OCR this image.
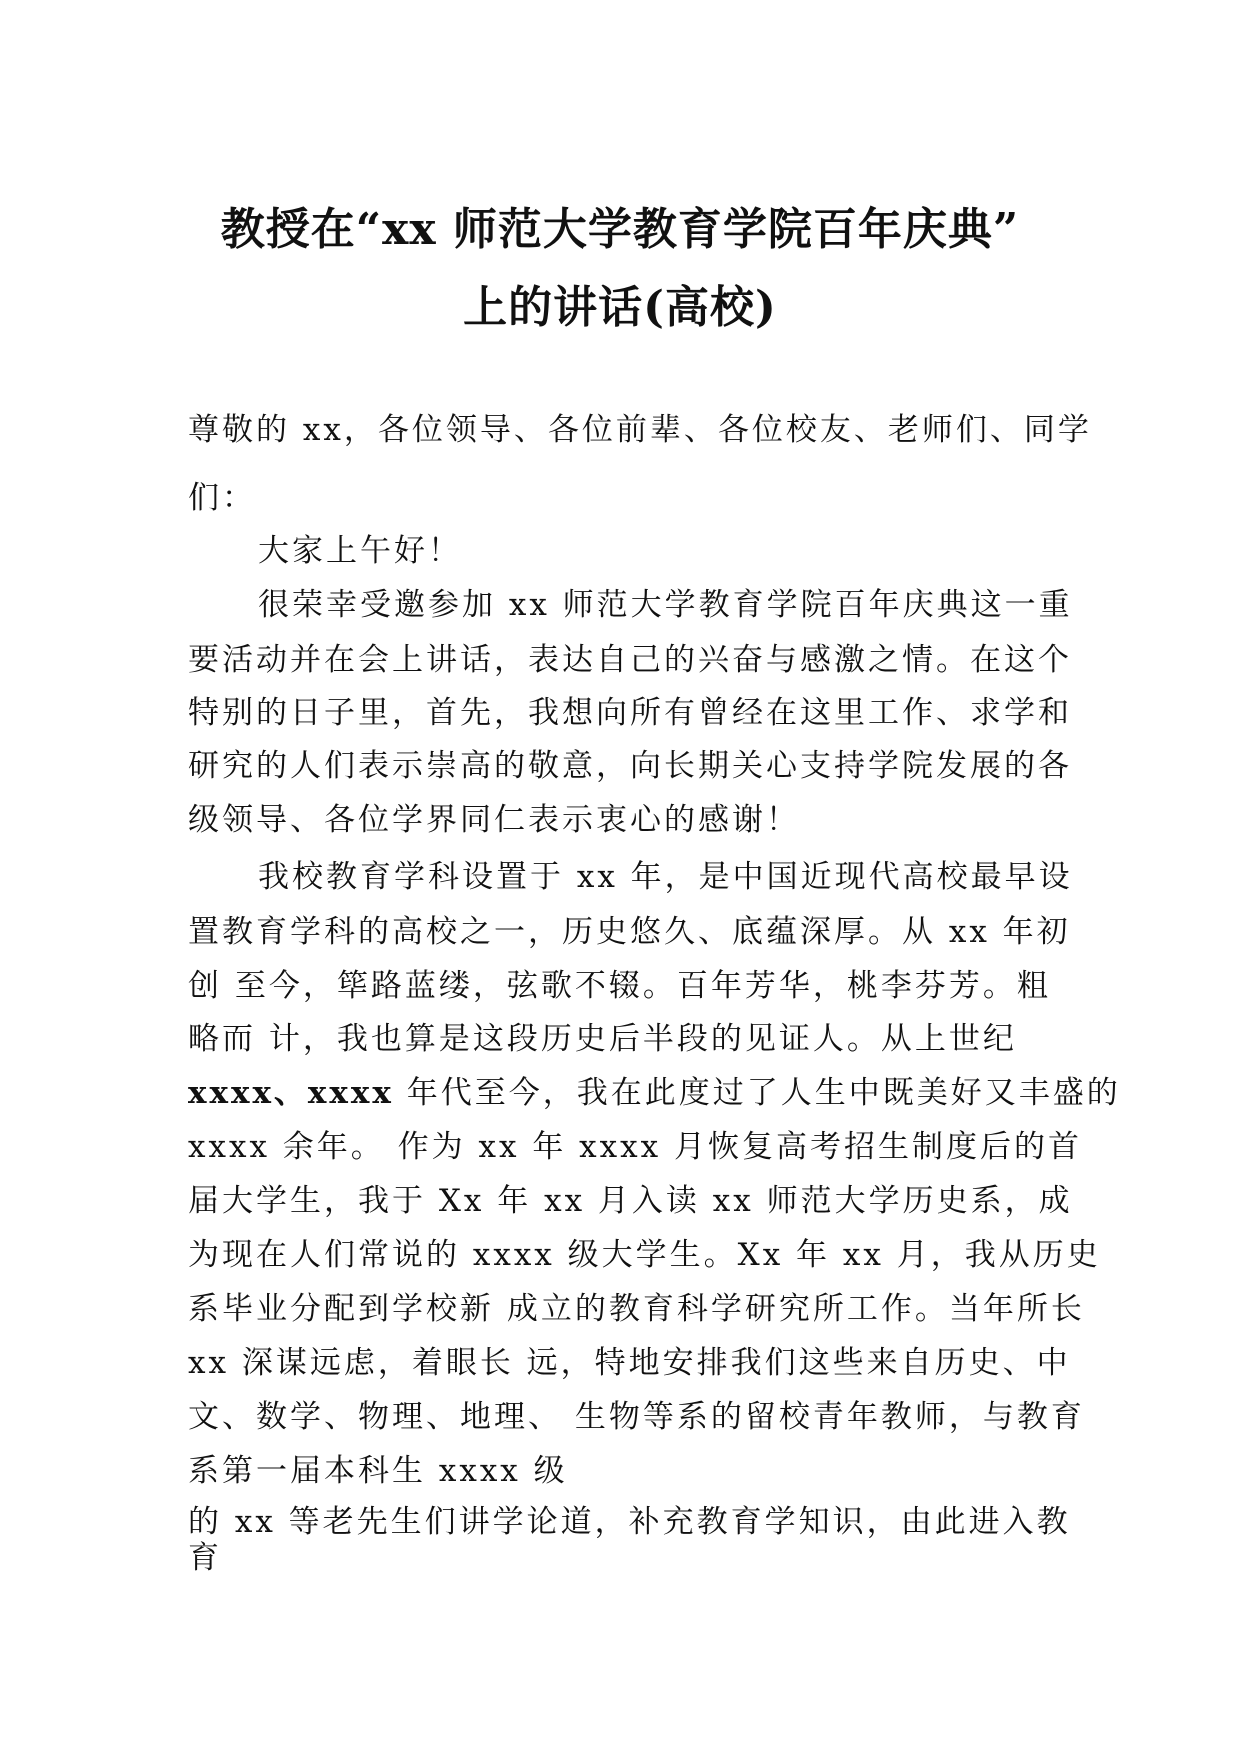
教授在“xx 师范大学教育学院百年庆典”
上的讲话(高校)
尊敬的 xx，各位领导、各位前辈、各位校友、老师们、同学
们：
大家上午好！
很荣幸受邀参加 xx 师范大学教育学院百年庆典这一重
要活动并在会上讲话，表达自己的兴奋与感激之情。在这个
特别的日子里，首先，我想向所有曾经在这里工作、求学和
研究的人们表示崇高的敬意，向长期关心支持学院发展的各
级领导、各位学界同仁表示衷心的感谢！
我校教育学科设置于 xx 年，是中国近现代高校最早设
置教育学科的高校之一，历史悠久、底蕴深厚。从 xx 年初
创 至今，筚路蓝缕，弦歌不辍。百年芳华，桃李芬芳。粗
略而 计，我也算是这段历史后半段的见证人。从上世纪
xxxx、xxxx 年代至今，我在此度过了人生中既美好又丰盛的
xxxx 余年。 作为 xx 年 xxxx 月恢复高考招生制度后的首
届大学生，我于 Xx 年 xx 月入读 xx 师范大学历史系，成
为现在人们常说的 xxxx 级大学生。Xx 年 xx 月，我从历史
系毕业分配到学校新 成立的教育科学研究所工作。当年所长
xx 深谋远虑，着眼长 远，特地安排我们这些来自历史、中
文、数学、物理、地理、 生物等系的留校青年教师，与教育
系第一届本科生 xxxx 级
的 xx 等老先生们讲学论道，补充教育学知识，由此进入教
育
